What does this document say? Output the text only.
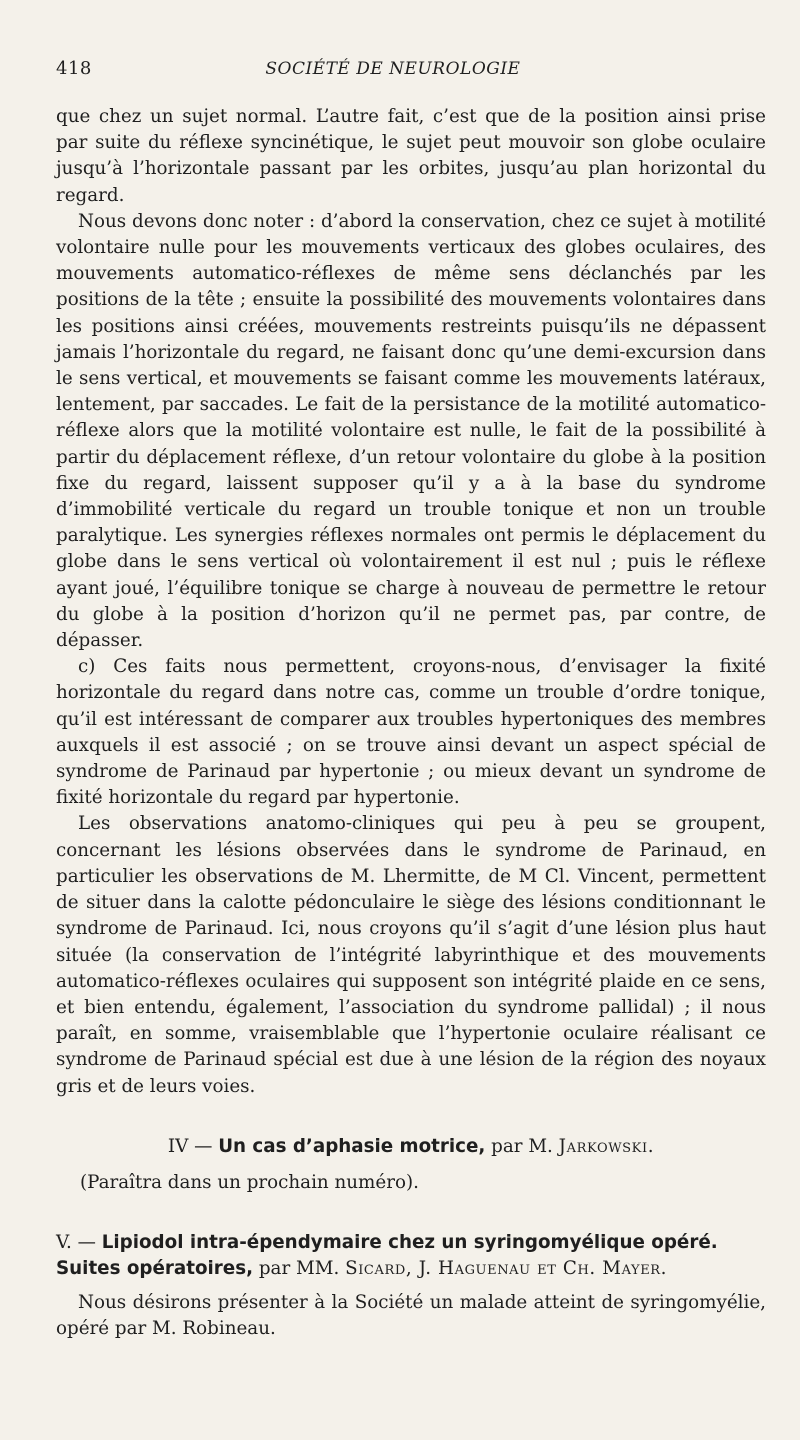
418	SOCIÉTÉ DE NEUROLOGIE

que chez un sujet normal. L’autre fait, c’est que de la position ainsi prise par suite du réflexe syncinétique, le sujet peut mouvoir son globe oculaire jusqu’à l’horizontale passant par les orbites, jusqu’au plan horizontal du regard.

Nous devons donc noter : d’abord la conservation, chez ce sujet à motilité volontaire nulle pour les mouvements verticaux des globes oculaires, des mouvements automatico-réflexes de même sens déclanchés par les positions de la tête ; ensuite la possibilité des mouvements volontaires dans les positions ainsi créées, mouvements restreints puisqu’ils ne dépassent jamais l’horizontale du regard, ne faisant donc qu’une demi-excursion dans le sens vertical, et mouvements se faisant comme les mouvements latéraux, lentement, par saccades. Le fait de la persistance de la motilité automatico-réflexe alors que la motilité volontaire est nulle, le fait de la possibilité à partir du déplacement réflexe, d’un retour volontaire du globe à la position fixe du regard, laissent supposer qu’il y a à la base du syndrome d’immobilité verticale du regard un trouble tonique et non un trouble paralytique. Les synergies réflexes normales ont permis le déplacement du globe dans le sens vertical où volontairement il est nul ; puis le réflexe ayant joué, l’équilibre tonique se charge à nouveau de permettre le retour du globe à la position d’horizon qu’il ne permet pas, par contre, de dépasser.

c) Ces faits nous permettent, croyons-nous, d’envisager la fixité horizontale du regard dans notre cas, comme un trouble d’ordre tonique, qu’il est intéressant de comparer aux troubles hypertoniques des membres auxquels il est associé ; on se trouve ainsi devant un aspect spécial de syndrome de Parinaud par hypertonie ; ou mieux devant un syndrome de fixité horizontale du regard par hypertonie.

Les observations anatomo-cliniques qui peu à peu se groupent, concernant les lésions observées dans le syndrome de Parinaud, en particulier les observations de M. Lhermitte, de M Cl. Vincent, permettent de situer dans la calotte pédonculaire le siège des lésions conditionnant le syndrome de Parinaud. Ici, nous croyons qu’il s’agit d’une lésion plus haut située (la conservation de l’intégrité labyrinthique et des mouvements automatico-réflexes oculaires qui supposent son intégrité plaide en ce sens, et bien entendu, également, l’association du syndrome pallidal) ; il nous paraît, en somme, vraisemblable que l’hypertonie oculaire réalisant ce syndrome de Parinaud spécial est due à une lésion de la région des noyaux gris et de leurs voies.

IV — Un cas d’aphasie motrice, par M. Jarkowski.
(Paraîtra dans un prochain numéro).
V. — Lipiodol intra-épendymaire chez un syringomyélique opéré. Suites opératoires, par MM. Sicard, J. Haguenau et Ch. Mayer.

Nous désirons présenter à la Société un malade atteint de syringomyélie, opéré par M. Robineau.
